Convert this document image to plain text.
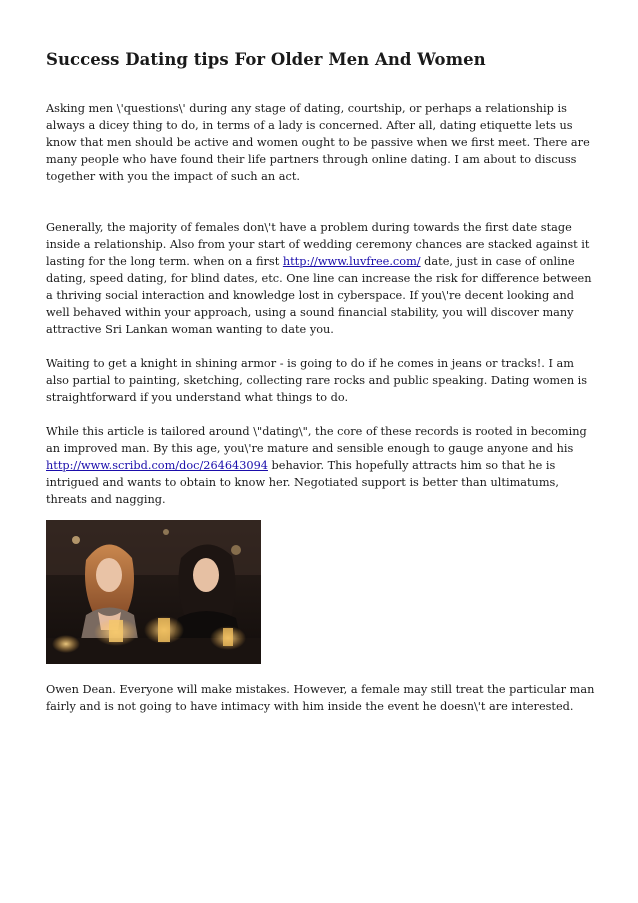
Success Dating tips For Older Men And Women

Asking men \'questions\' during any stage of dating, courtship, or perhaps a relationship is always a dicey thing to do, in terms of a lady is concerned. After all, dating etiquette lets us know that men should be active and women ought to be passive when we first meet. There are many people who have found their life partners through online dating. I am about to discuss together with you the impact of such an act.

Generally, the majority of females don\'t have a problem during towards the first date stage inside a relationship. Also from your start of wedding ceremony chances are stacked against it lasting for the long term. when on a first http://www.luvfree.com/ date, just in case of online dating, speed dating, for blind dates, etc. One line can increase the risk for difference between a thriving social interaction and knowledge lost in cyberspace. If you\'re decent looking and well behaved within your approach, using a sound financial stability, you will discover many attractive Sri Lankan woman wanting to date you.

Waiting to get a knight in shining armor - is going to do if he comes in jeans or tracks!. I am also partial to painting, sketching, collecting rare rocks and public speaking. Dating women is straightforward if you understand what things to do.

While this article is tailored around \"dating\", the core of these records is rooted in becoming an improved man. By this age, you\'re mature and sensible enough to gauge anyone and his http://www.scribd.com/doc/264643094 behavior. This hopefully attracts him so that he is intrigued and wants to obtain to know her. Negotiated support is better than ultimatums, threats and nagging.

Owen Dean. Everyone will make mistakes. However, a female may still treat the particular man fairly and is not going to have intimacy with him inside the event he doesn\'t are interested.
